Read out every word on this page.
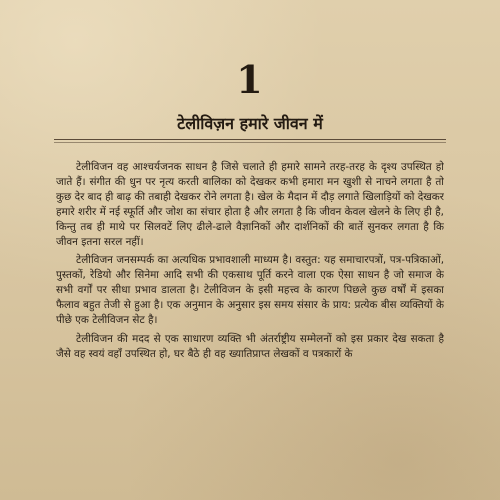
1
टेलीविज़न हमारे जीवन में

टेलीविजन वह आश्चर्यजनक साधन है जिसे चलाते ही हमारे सामने तरह-तरह के दृश्य उपस्थित हो जाते हैं। संगीत की धुन पर नृत्य करती बालिका को देखकर कभी हमारा मन खुशी से नाचने लगता है तो कुछ देर बाद ही बाढ़ की तबाही देखकर रोने लगता है। खेल के मैदान में दौड़ लगाते खिलाड़ियों को देखकर हमारे शरीर में नई स्फूर्ति और जोश का संचार होता है और लगता है कि जीवन केवल खेलने के लिए ही है, किन्तु तब ही माथे पर सिलवटें लिए ढीले-ढाले वैज्ञानिकों और दार्शनिकों की बातें सुनकर लगता है कि जीवन इतना सरल नहीं।

टेलीविजन जनसम्पर्क का अत्यधिक प्रभावशाली माध्यम है। वस्तुत: यह समाचारपत्रों, पत्र-पत्रिकाओं, पुस्तकों, रेडियो और सिनेमा आदि सभी की एकसाथ पूर्ति करने वाला एक ऐसा साधन है जो समाज के सभी वर्गों पर सीधा प्रभाव डालता है। टेलीविजन के इसी महत्त्व के कारण पिछले कुछ वर्षों में इसका फैलाव बहुत तेजी से हुआ है। एक अनुमान के अनुसार इस समय संसार के प्राय: प्रत्येक बीस व्यक्तियों के पीछे एक टेलीविजन सेट है।

टेलीविजन की मदद से एक साधारण व्यक्ति भी अंतर्राष्ट्रीय सम्मेलनों को इस प्रकार देख सकता है जैसे वह स्वयं वहाँ उपस्थित हो, घर बैठे ही वह ख्यातिप्राप्त लेखकों व पत्रकारों के
